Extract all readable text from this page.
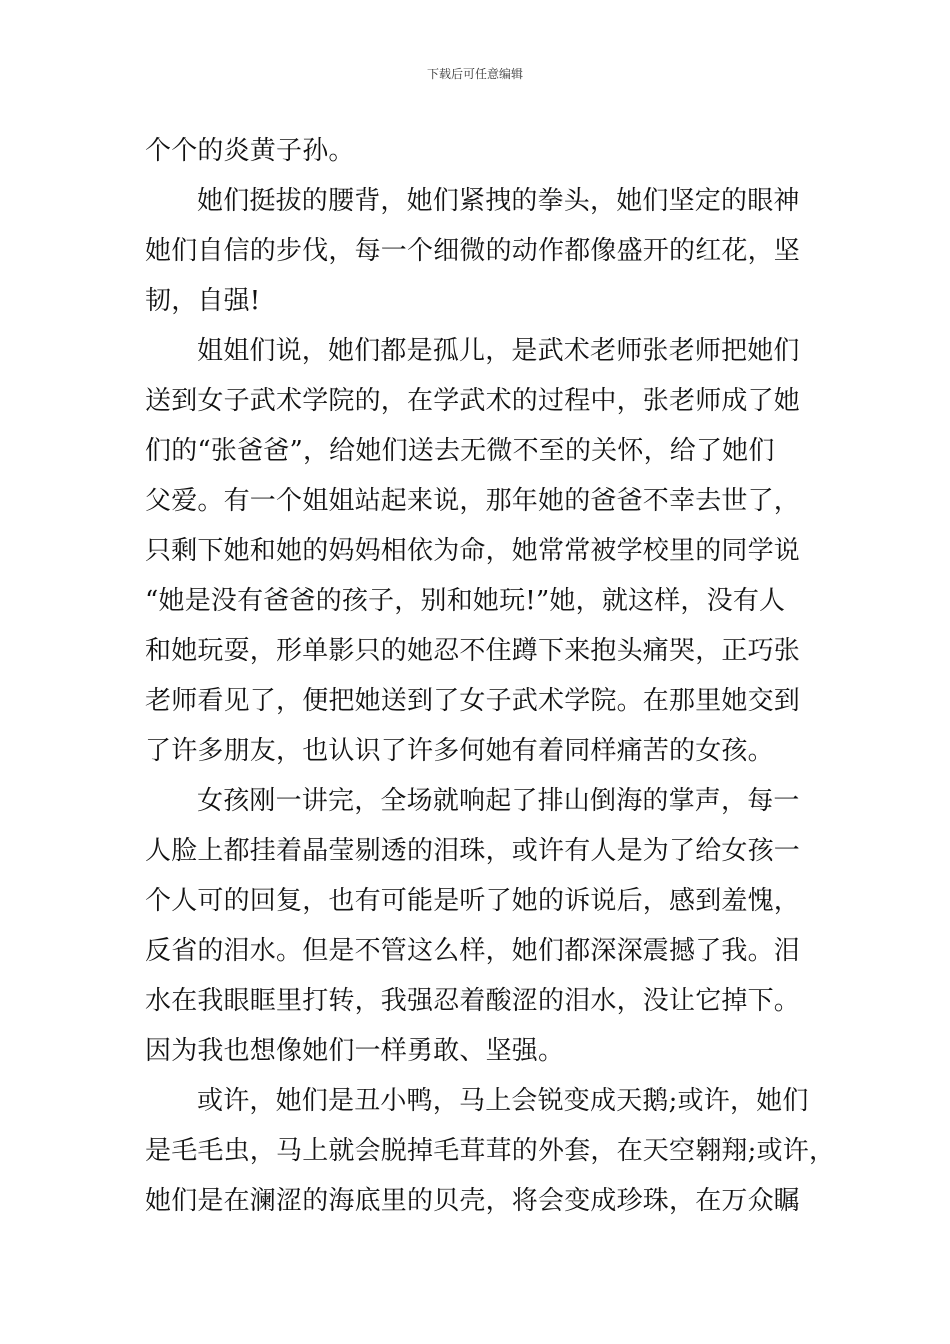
下载后可任意编辑
个个的炎黄子孙。
她们挺拔的腰背，她们紧拽的拳头，她们坚定的眼神
她们自信的步伐，每一个细微的动作都像盛开的红花，坚
韧，自强!
姐姐们说，她们都是孤儿，是武术老师张老师把她们
送到女子武术学院的，在学武术的过程中，张老师成了她
们的“张爸爸”，给她们送去无微不至的关怀，给了她们
父爱。有一个姐姐站起来说，那年她的爸爸不幸去世了，
只剩下她和她的妈妈相依为命，她常常被学校里的同学说
“她是没有爸爸的孩子，别和她玩!”她，就这样，没有人
和她玩耍，形单影只的她忍不住蹲下来抱头痛哭，正巧张
老师看见了，便把她送到了女子武术学院。在那里她交到
了许多朋友，也认识了许多何她有着同样痛苦的女孩。
女孩刚一讲完，全场就响起了排山倒海的掌声，每一
人脸上都挂着晶莹剔透的泪珠，或许有人是为了给女孩一
个人可的回复，也有可能是听了她的诉说后，感到羞愧，
反省的泪水。但是不管这么样，她们都深深震撼了我。泪
水在我眼眶里打转，我强忍着酸涩的泪水，没让它掉下。
因为我也想像她们一样勇敢、坚强。
或许，她们是丑小鸭，马上会锐变成天鹅;或许，她们
是毛毛虫，马上就会脱掉毛茸茸的外套，在天空翱翔;或许，
她们是在澜涩的海底里的贝壳，将会变成珍珠，在万众瞩
